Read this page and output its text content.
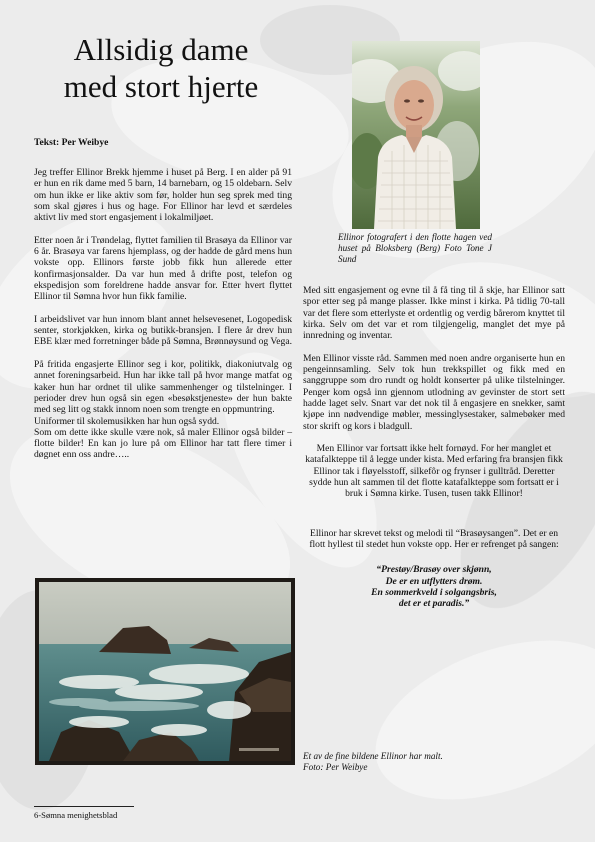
Allsidig dame
med stort hjerte
Tekst: Per Weibye

Jeg treffer Ellinor Brekk hjemme i huset på Berg. I en alder på 91 er hun en rik dame med 5 barn, 14 barnebarn, og 15 oldebarn. Selv om hun ikke er like aktiv som før, holder hun seg sprek med ting som skal gjøres i hus og hage. For Ellinor har levd et særdeles aktivt liv med stort engasjement i lokalmiljøet.

Etter noen år i Trøndelag, flyttet familien til Brasøya da Ellinor var 6 år. Brasøya var farens hjemplass, og der hadde de gård mens hun vokste opp. Ellinors første jobb fikk hun allerede etter konfirmasjonsalder. Da var hun med å drifte post, telefon og ekspedisjon som foreldrene hadde ansvar for. Etter hvert flyttet Ellinor til Sømna hvor hun fikk familie.

I arbeidslivet var hun innom blant annet helsevesenet, Logopedisk senter, storkjøkken, kirka og butikk-bransjen. I flere år drev hun EBE klær med forretninger både på Sømna, Brønnøysund og Vega.

På fritida engasjerte Ellinor seg i kor, politikk, diakoniutvalg og annet foreningsarbeid. Hun har ikke tall på hvor mange matfat og kaker hun har ordnet til ulike sammenhenger og tilstelninger. I perioder drev hun også sin egen «besøkstjeneste» der hun bakte med seg litt og stakk innom noen som trengte en oppmuntring.

Uniformer til skolemusikken har hun også sydd.

Som om dette ikke skulle være nok, så maler Ellinor også bilder – flotte bilder! En kan jo lure på om Ellinor har tatt flere timer i døgnet enn oss andre…..

Ellinor fotografert i den flotte hagen ved huset på Bloksberg (Berg) Foto Tone J Sund

Med sitt engasjement og evne til å få ting til å skje, har Ellinor satt spor etter seg på mange plasser. Ikke minst i kirka. På tidlig 70-tall var det flere som etterlyste et ordentlig og verdig bårerom knyttet til kirka. Selv om det var et rom tilgjengelig, manglet det mye på innredning og inventar.

Men Ellinor visste råd. Sammen med noen andre organiserte hun en pengeinnsamling. Selv tok hun trekkspillet og fikk med en sanggruppe som dro rundt og holdt konserter på ulike tilstelninger. Penger kom også inn gjennom utlodning av gevinster de stort sett hadde laget selv. Snart var det nok til å engasjere en snekker, samt kjøpe inn nødvendige møbler, messinglysestaker, salmebøker med stor skrift og kors i bladgull.

Men Ellinor var fortsatt ikke helt fornøyd. For her manglet et katafalkteppe til å legge under kista. Med erfaring fra bransjen fikk Ellinor tak i fløyelsstoff, silkefôr og frynser i gulltråd. Deretter sydde hun alt sammen til det flotte katafalkteppe som fortsatt er i bruk i Sømna kirke. Tusen, tusen takk Ellinor!

Ellinor har skrevet tekst og melodi til “Brasøysangen”. Det er en flott hyllest til stedet hun vokste opp. Her er refrenget på sangen:

“Prestøy/Brasøy over skjønn,
De er en utflytters drøm.
En sommerkveld i solgangsbris,
det er et paradis.”
Et av de fine bildene Ellinor har malt.
Foto: Per Weibye
6-Sømna menighetsblad
